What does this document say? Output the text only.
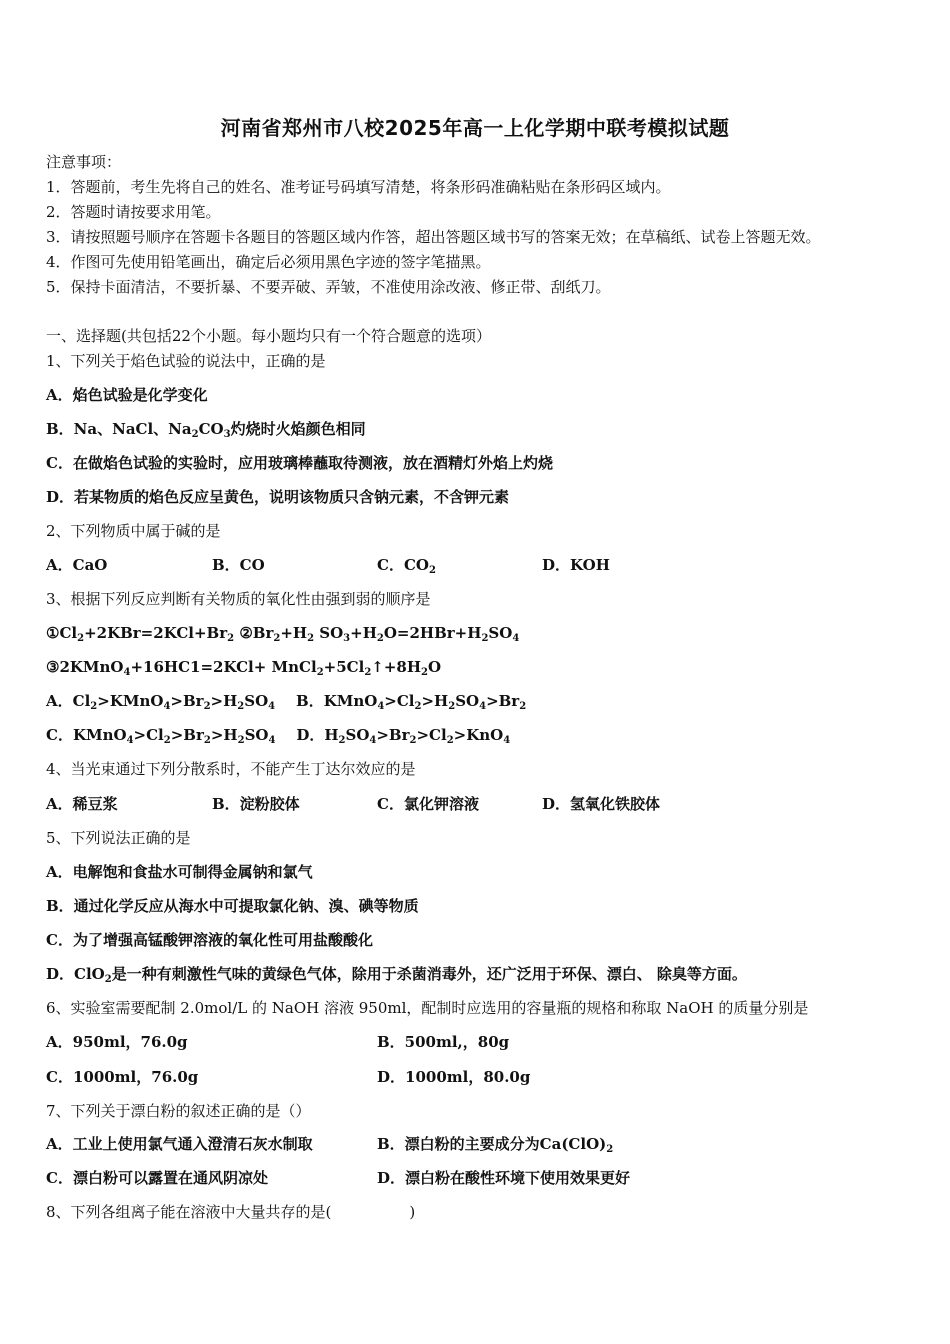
河南省郑州市八校2025年高一上化学期中联考模拟试题
注意事项：
1．答题前，考生先将自己的姓名、准考证号码填写清楚，将条形码准确粘贴在条形码区域内。
2．答题时请按要求用笔。
3．请按照题号顺序在答题卡各题目的答题区域内作答，超出答题区域书写的答案无效；在草稿纸、试卷上答题无效。
4．作图可先使用铅笔画出，确定后必须用黑色字迹的签字笔描黑。
5．保持卡面清洁，不要折暴、不要弄破、弄皱，不准使用涂改液、修正带、刮纸刀。
一、选择题(共包括22个小题。每小题均只有一个符合题意的选项）
1、下列关于焰色试验的说法中，正确的是
A．焰色试验是化学变化
B．Na、NaCl、$Na_2CO_3$灼烧时火焰颜色相同
C．在做焰色试验的实验时，应用玻璃棒蘸取待测液，放在酒精灯外焰上灼烧
D．若某物质的焰色反应呈黄色，说明该物质只含钠元素，不含钾元素
2、下列物质中属于碱的是
A．CaO	B．CO	C．$CO_2$	D．KOH
3、根据下列反应判断有关物质的氧化性由强到弱的顺序是
$①Cl_2+2KBr=2KCl+Br_2$ $②Br_2+H_2$ $SO_3+H_2O=2HBr+H_2SO_4$
③2KMnO$_4$+16HC1=2KCl+ $MnCl_2+5Cl_2↑+8H_2O$
A．$Cl_2>KMnO_4>Br_2>H_2SO_4$    B．$KMnO_4>Cl_2>H_2SO_4>Br_2$
C．$KMnO_4>Cl_2>Br_2>H_2SO_4$    D．$H_2SO_4>Br_2>Cl_2>KnO_4$
4、当光束通过下列分散系时，不能产生丁达尔效应的是
A．稀豆浆	B．淀粉胶体	C．氯化钾溶液	D．氢氧化铁胶体
5、下列说法正确的是
A．电解饱和食盐水可制得金属钠和氯气
B．通过化学反应从海水中可提取氯化钠、溴、碘等物质
C．为了增强高锰酸钾溶液的氧化性可用盐酸酸化
D．ClO$_2$是一种有刺激性气味的黄绿色气体，除用于杀菌消毒外，还广泛用于环保、漂白、 除臭等方面。
6、实验室需要配制 2.0mol/L 的 NaOH 溶液 950ml，配制时应选用的容量瓶的规格和称取 NaOH 的质量分别是
A．950ml，76.0g	B．500ml,，80g
C．1000ml，76.0g	D．1000ml，80.0g
7、下列关于漂白粉的叙述正确的是（）
A．工业上使用氯气通入澄清石灰水制取	B．漂白粉的主要成分为$Ca(ClO)_2$
C．漂白粉可以露置在通风阴凉处	D．漂白粉在酸性环境下使用效果更好
8、下列各组离子能在溶液中大量共存的是(	)
